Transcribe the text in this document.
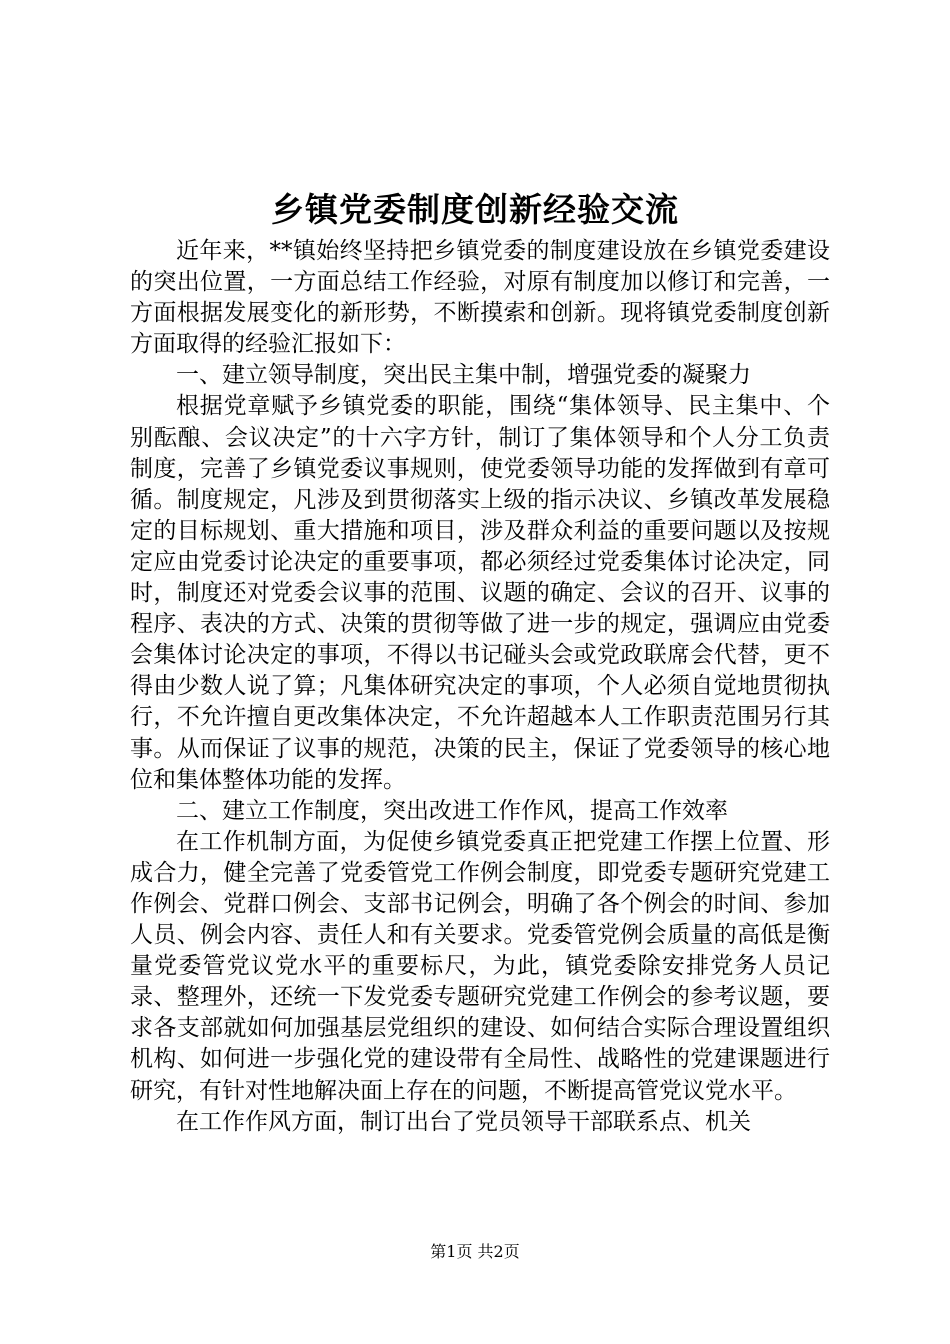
乡镇党委制度创新经验交流

近年来，**镇始终坚持把乡镇党委的制度建设放在乡镇党委建设的突出位置，一方面总结工作经验，对原有制度加以修订和完善，一方面根据发展变化的新形势，不断摸索和创新。现将镇党委制度创新方面取得的经验汇报如下：

一、建立领导制度，突出民主集中制，增强党委的凝聚力

根据党章赋予乡镇党委的职能，围绕“集体领导、民主集中、个别酝酿、会议决定”的十六字方针，制订了集体领导和个人分工负责制度，完善了乡镇党委议事规则，使党委领导功能的发挥做到有章可循。制度规定，凡涉及到贯彻落实上级的指示决议、乡镇改革发展稳定的目标规划、重大措施和项目，涉及群众利益的重要问题以及按规定应由党委讨论决定的重要事项，都必须经过党委集体讨论决定，同时，制度还对党委会议事的范围、议题的确定、会议的召开、议事的程序、表决的方式、决策的贯彻等做了进一步的规定，强调应由党委会集体讨论决定的事项，不得以书记碰头会或党政联席会代替，更不得由少数人说了算；凡集体研究决定的事项，个人必须自觉地贯彻执行，不允许擅自更改集体决定，不允许超越本人工作职责范围另行其事。从而保证了议事的规范，决策的民主，保证了党委领导的核心地位和集体整体功能的发挥。

二、建立工作制度，突出改进工作作风，提高工作效率

在工作机制方面，为促使乡镇党委真正把党建工作摆上位置、形成合力，健全完善了党委管党工作例会制度，即党委专题研究党建工作例会、党群口例会、支部书记例会，明确了各个例会的时间、参加人员、例会内容、责任人和有关要求。党委管党例会质量的高低是衡量党委管党议党水平的重要标尺，为此，镇党委除安排党务人员记录、整理外，还统一下发党委专题研究党建工作例会的参考议题，要求各支部就如何加强基层党组织的建设、如何结合实际合理设置组织机构、如何进一步强化党的建设带有全局性、战略性的党建课题进行研究，有针对性地解决面上存在的问题，不断提高管党议党水平。

在工作作风方面，制订出台了党员领导干部联系点、机关

第1页 共2页
